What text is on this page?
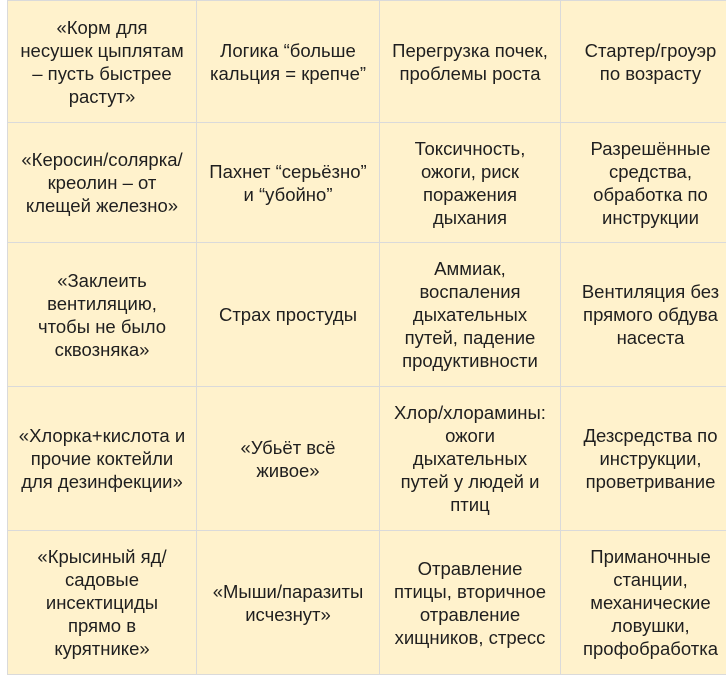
«Корм для
несушек цыплятам
– пусть быстрее
растут»	Логика “больше
кальция = крепче”	Перегрузка почек,
проблемы роста	Стартер/гроуэр
по возрасту
«Керосин/солярка/
креолин – от
клещей железно»	Пахнет “серьёзно”
и “убойно”	Токсичность,
ожоги, риск
поражения
дыхания	Разрешённые
средства,
обработка по
инструкции
«Заклеить
вентиляцию,
чтобы не было
сквозняка»	Страх простуды	Аммиак,
воспаления
дыхательных
путей, падение
продуктивности	Вентиляция без
прямого обдува
насеста
«Хлорка+кислота и
прочие коктейли
для дезинфекции»	«Убьёт всё
живое»	Хлор/хлорамины:
ожоги
дыхательных
путей у людей и
птиц	Дезсредства по
инструкции,
проветривание
«Крысиный яд/
садовые
инсектициды
прямо в
курятнике»	«Мыши/паразиты
исчезнут»	Отравление
птицы, вторичное
отравление
хищников, стресс	Приманочные
станции,
механические
ловушки,
профобработка
